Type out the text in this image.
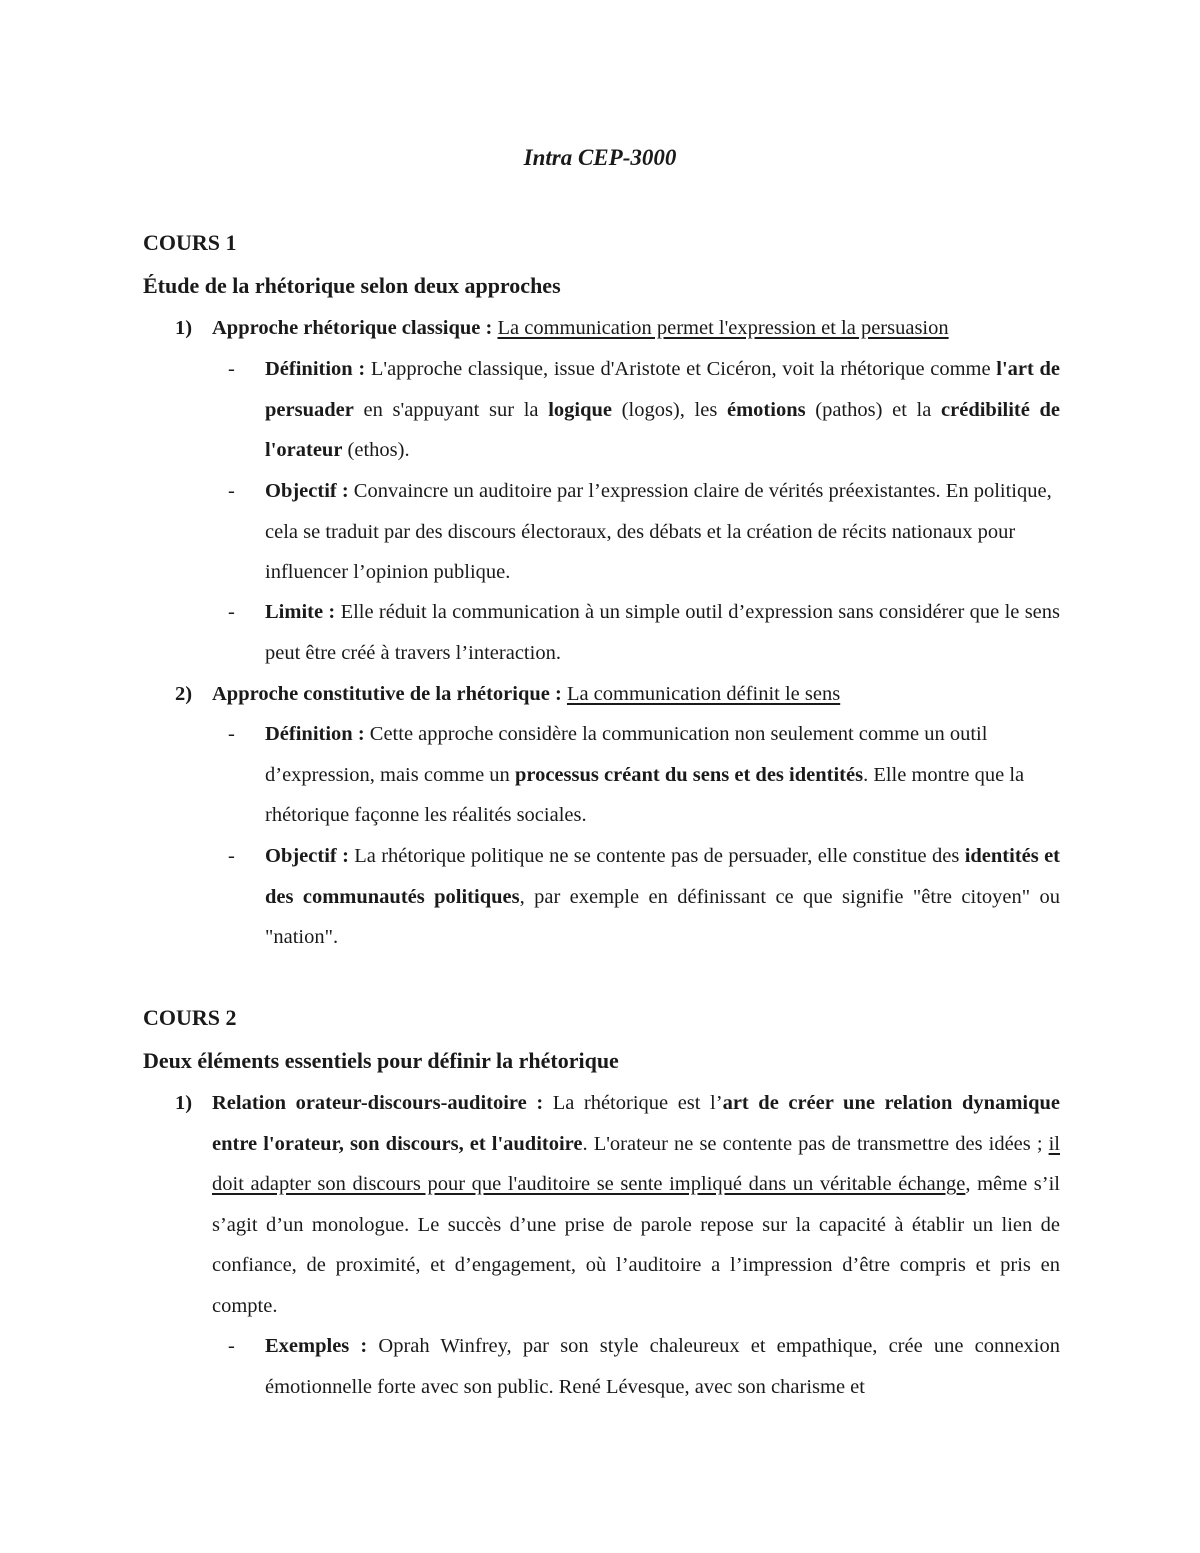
Intra CEP-3000
COURS 1
Étude de la rhétorique selon deux approches
1) Approche rhétorique classique : La communication permet l'expression et la persuasion
- Définition : L'approche classique, issue d'Aristote et Cicéron, voit la rhétorique comme l'art de persuader en s'appuyant sur la logique (logos), les émotions (pathos) et la crédibilité de l'orateur (ethos).
- Objectif : Convaincre un auditoire par l’expression claire de vérités préexistantes. En politique, cela se traduit par des discours électoraux, des débats et la création de récits nationaux pour influencer l’opinion publique.
- Limite : Elle réduit la communication à un simple outil d’expression sans considérer que le sens peut être créé à travers l’interaction.
2) Approche constitutive de la rhétorique : La communication définit le sens
- Définition : Cette approche considère la communication non seulement comme un outil d’expression, mais comme un processus créant du sens et des identités. Elle montre que la rhétorique façonne les réalités sociales.
- Objectif : La rhétorique politique ne se contente pas de persuader, elle constitue des identités et des communautés politiques, par exemple en définissant ce que signifie "être citoyen" ou "nation".
COURS 2
Deux éléments essentiels pour définir la rhétorique
1) Relation orateur-discours-auditoire : La rhétorique est l’art de créer une relation dynamique entre l'orateur, son discours, et l'auditoire. L'orateur ne se contente pas de transmettre des idées ; il doit adapter son discours pour que l'auditoire se sente impliqué dans un véritable échange, même s’il s’agit d’un monologue. Le succès d’une prise de parole repose sur la capacité à établir un lien de confiance, de proximité, et d’engagement, où l’auditoire a l’impression d’être compris et pris en compte.
- Exemples : Oprah Winfrey, par son style chaleureux et empathique, crée une connexion émotionnelle forte avec son public. René Lévesque, avec son charisme et
